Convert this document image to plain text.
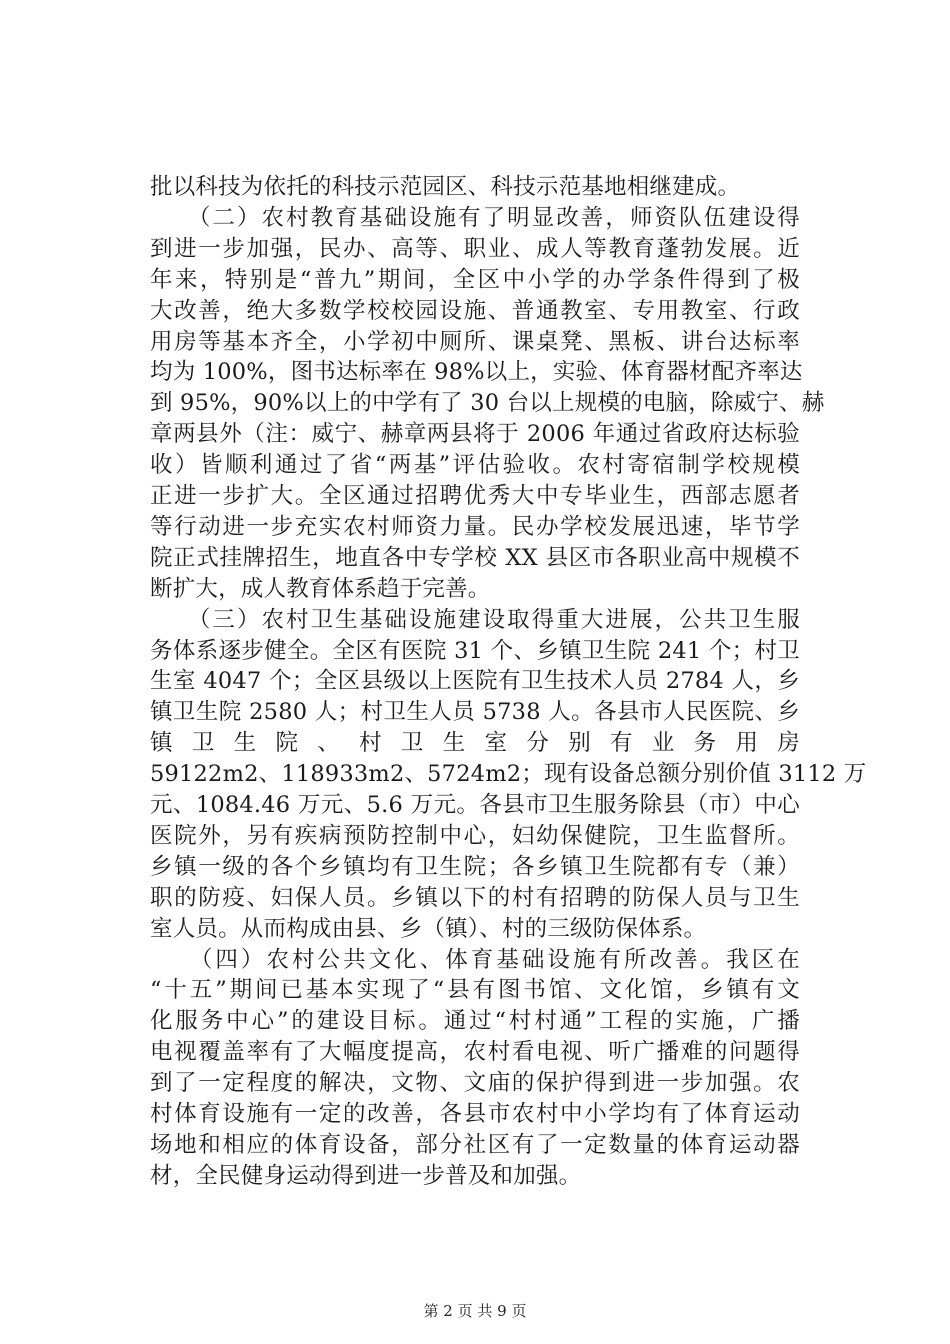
批以科技为依托的科技示范园区、科技示范基地相继建成。
　　（二）农村教育基础设施有了明显改善，师资队伍建设得
到进一步加强，民办、高等、职业、成人等教育蓬勃发展。近
年来，特别是“普九”期间，全区中小学的办学条件得到了极
大改善，绝大多数学校校园设施、普通教室、专用教室、行政
用房等基本齐全，小学初中厕所、课桌凳、黑板、讲台达标率
均为 100%，图书达标率在 98%以上，实验、体育器材配齐率达
到 95%，90%以上的中学有了 30 台以上规模的电脑，除威宁、赫
章两县外（注：威宁、赫章两县将于 2006 年通过省政府达标验
收）皆顺利通过了省“两基”评估验收。农村寄宿制学校规模
正进一步扩大。全区通过招聘优秀大中专毕业生，西部志愿者
等行动进一步充实农村师资力量。民办学校发展迅速，毕节学
院正式挂牌招生，地直各中专学校 XX 县区市各职业高中规模不
断扩大，成人教育体系趋于完善。
　　（三）农村卫生基础设施建设取得重大进展，公共卫生服
务体系逐步健全。全区有医院 31 个、乡镇卫生院 241 个；村卫
生室 4047 个；全区县级以上医院有卫生技术人员 2784 人，乡
镇卫生院 2580 人；村卫生人员 5738 人。各县市人民医院、乡
镇 卫 生 院 、 村 卫 生 室 分 别 有 业 务 用 房
59122m2、118933m2、5724m2；现有设备总额分别价值 3112 万
元、1084.46 万元、5.6 万元。各县市卫生服务除县（市）中心
医院外，另有疾病预防控制中心，妇幼保健院，卫生监督所。
乡镇一级的各个乡镇均有卫生院；各乡镇卫生院都有专（兼）
职的防疫、妇保人员。乡镇以下的村有招聘的防保人员与卫生
室人员。从而构成由县、乡（镇）、村的三级防保体系。
　　（四）农村公共文化、体育基础设施有所改善。我区在
“十五”期间已基本实现了“县有图书馆、文化馆，乡镇有文
化服务中心”的建设目标。通过“村村通”工程的实施，广播
电视覆盖率有了大幅度提高，农村看电视、听广播难的问题得
到了一定程度的解决，文物、文庙的保护得到进一步加强。农
村体育设施有一定的改善，各县市农村中小学均有了体育运动
场地和相应的体育设备，部分社区有了一定数量的体育运动器
材，全民健身运动得到进一步普及和加强。
第 2 页 共 9 页
